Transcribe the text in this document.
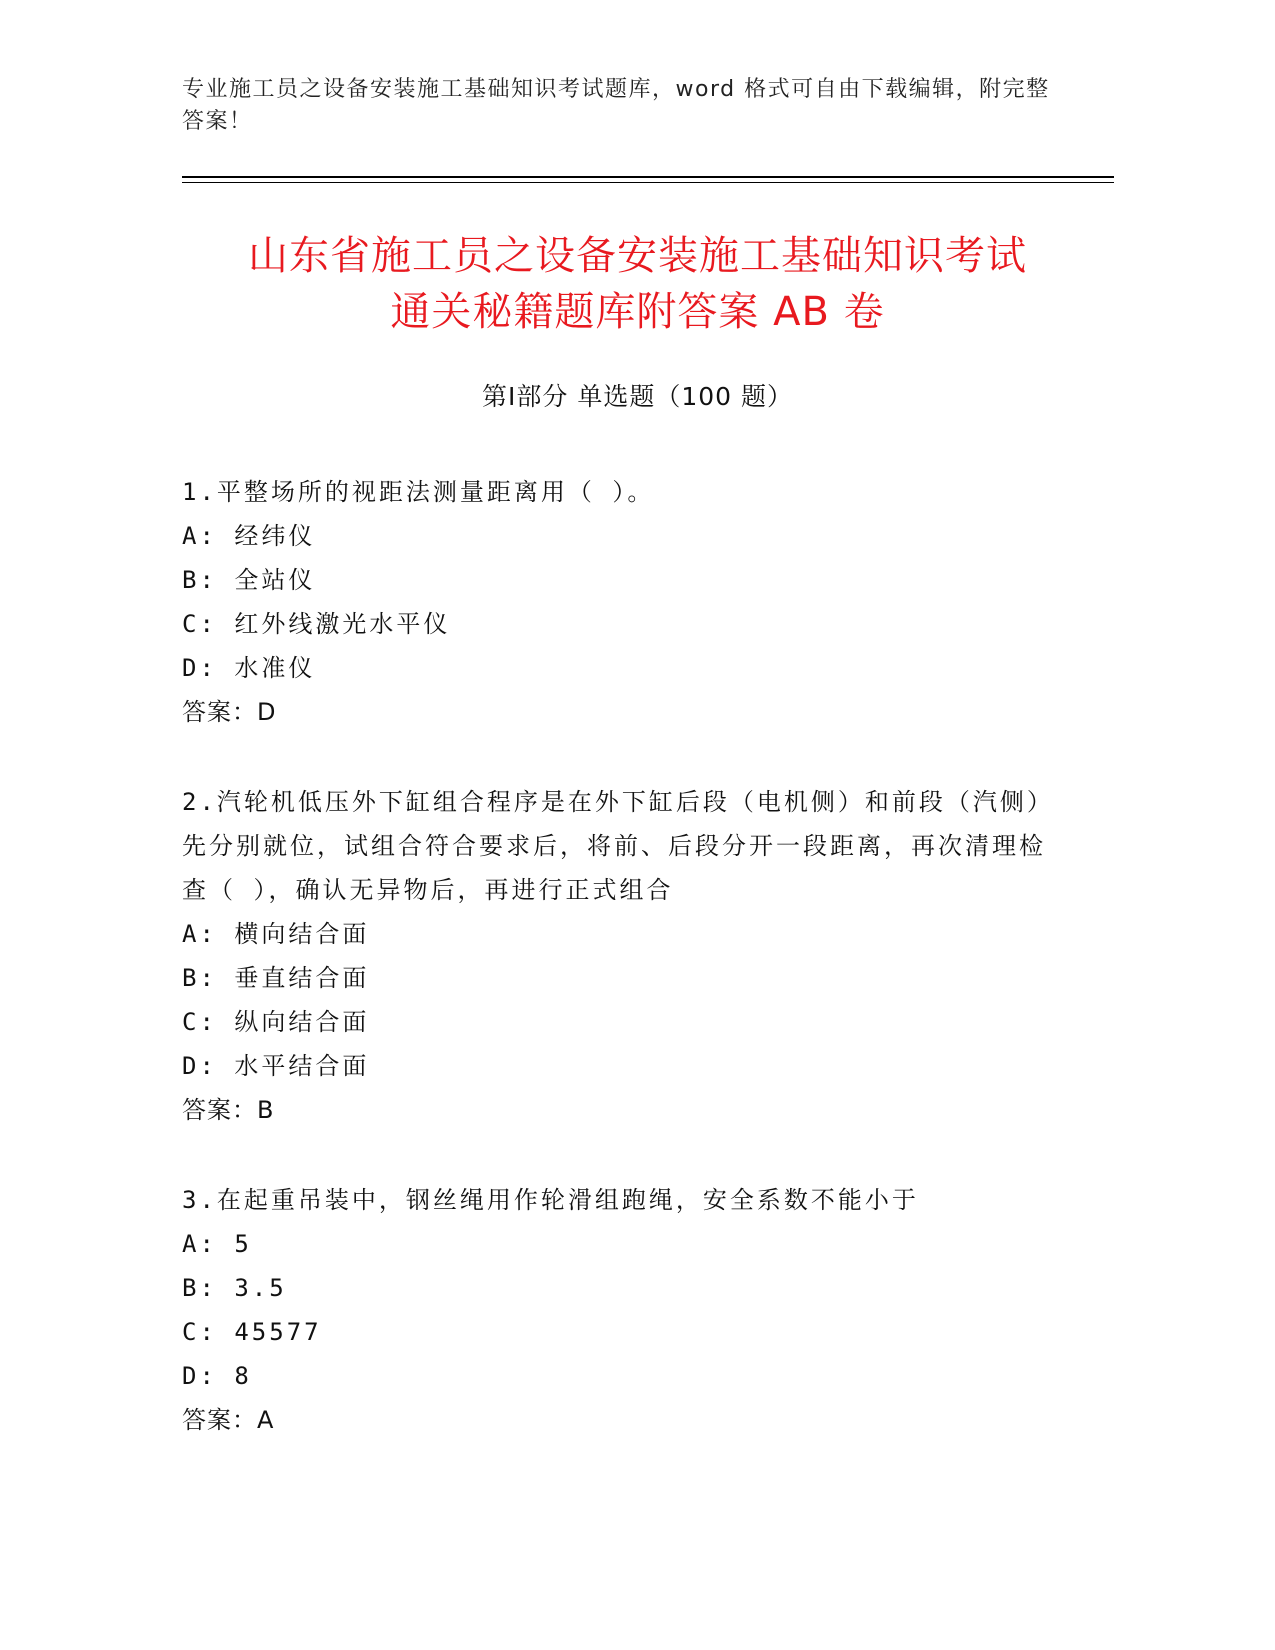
专业施工员之设备安装施工基础知识考试题库，word 格式可自由下载编辑，附完整答案！
山东省施工员之设备安装施工基础知识考试
通关秘籍题库附答案 AB 卷
第Ⅰ部分 单选题（100 题）

1.平整场所的视距法测量距离用（ ）。

A: 经纬仪

B: 全站仪

C: 红外线激光水平仪

D: 水准仪

答案：D

2.汽轮机低压外下缸组合程序是在外下缸后段（电机侧）和前段（汽侧）先分别就位，试组合符合要求后，将前、后段分开一段距离，再次清理检查（ ），确认无异物后，再进行正式组合

A: 横向结合面

B: 垂直结合面

C: 纵向结合面

D: 水平结合面

答案：B

3.在起重吊装中，钢丝绳用作轮滑组跑绳，安全系数不能小于

A: 5

B: 3.5

C: 45577

D: 8

答案：A
